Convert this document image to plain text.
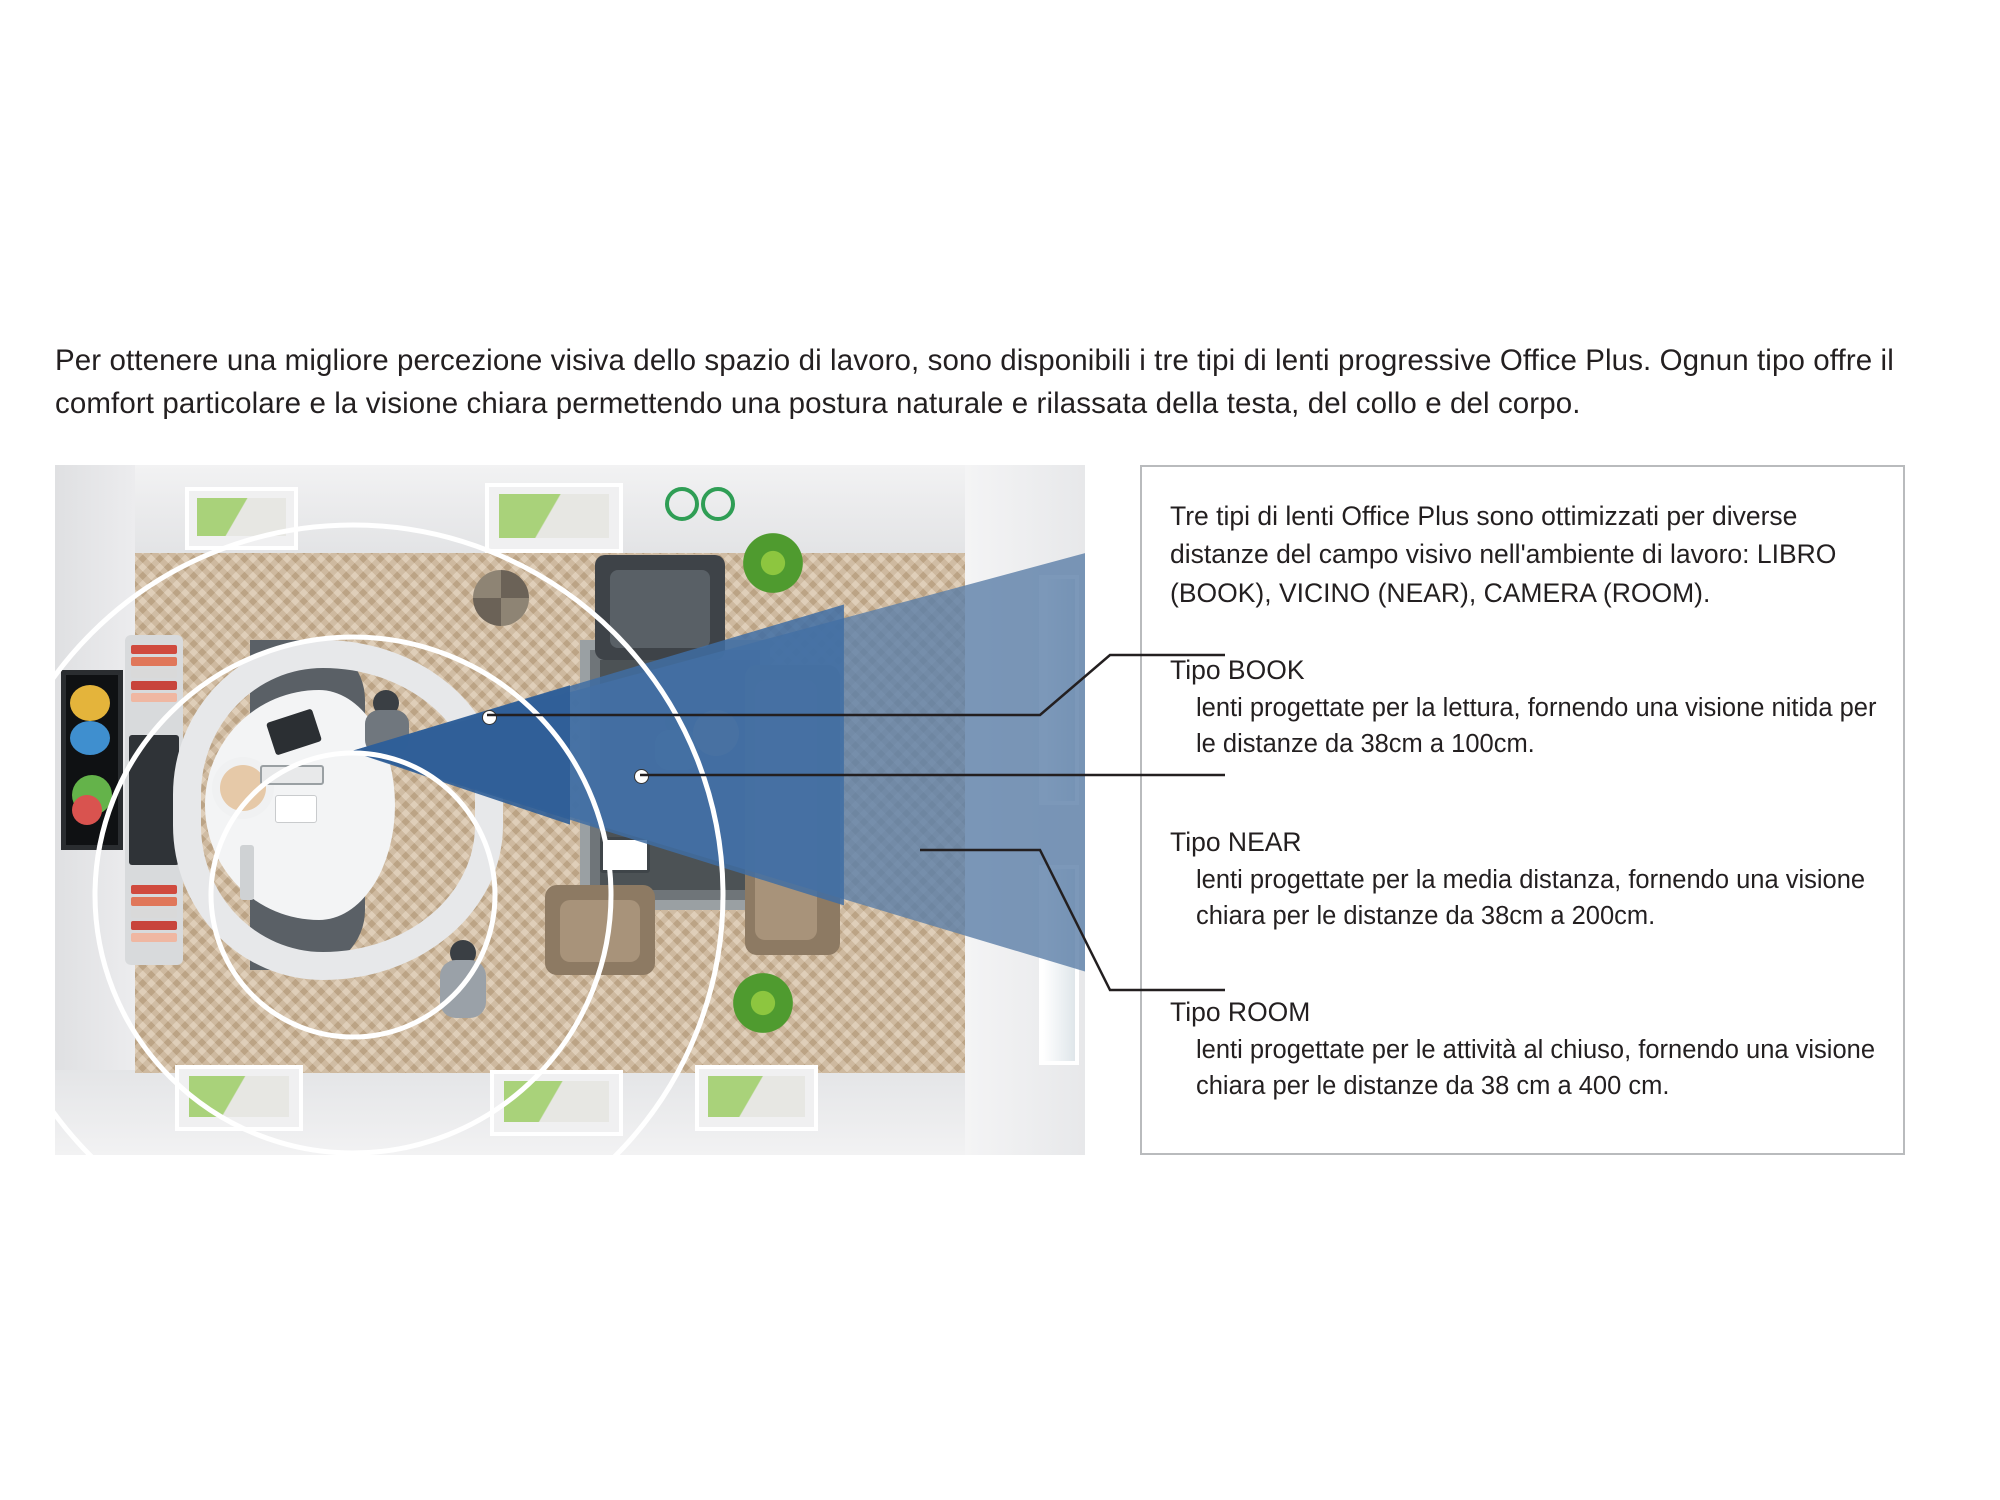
Per ottenere una migliore percezione visiva dello spazio di lavoro, sono disponibili i tre tipi di lenti progressive Office Plus. Ognun tipo offre il comfort particolare e la visione chiara permettendo una postura naturale e rilassata della testa, del collo e del corpo.
Tre tipi di lenti Office Plus sono ottimizzati per diverse distanze del campo visivo nell'ambiente di lavoro: LIBRO (BOOK), VICINO (NEAR), CAMERA (ROOM).
Tipo BOOK
lenti progettate per la lettura, fornendo una visione nitida per le distanze da 38cm a 100cm.
Tipo NEAR
lenti progettate per la media distanza, fornendo una visione chiara per le distanze da 38cm a 200cm.
Tipo ROOM
lenti progettate per le attività al chiuso, fornendo una visione chiara per le distanze da 38 cm a 400 cm.
